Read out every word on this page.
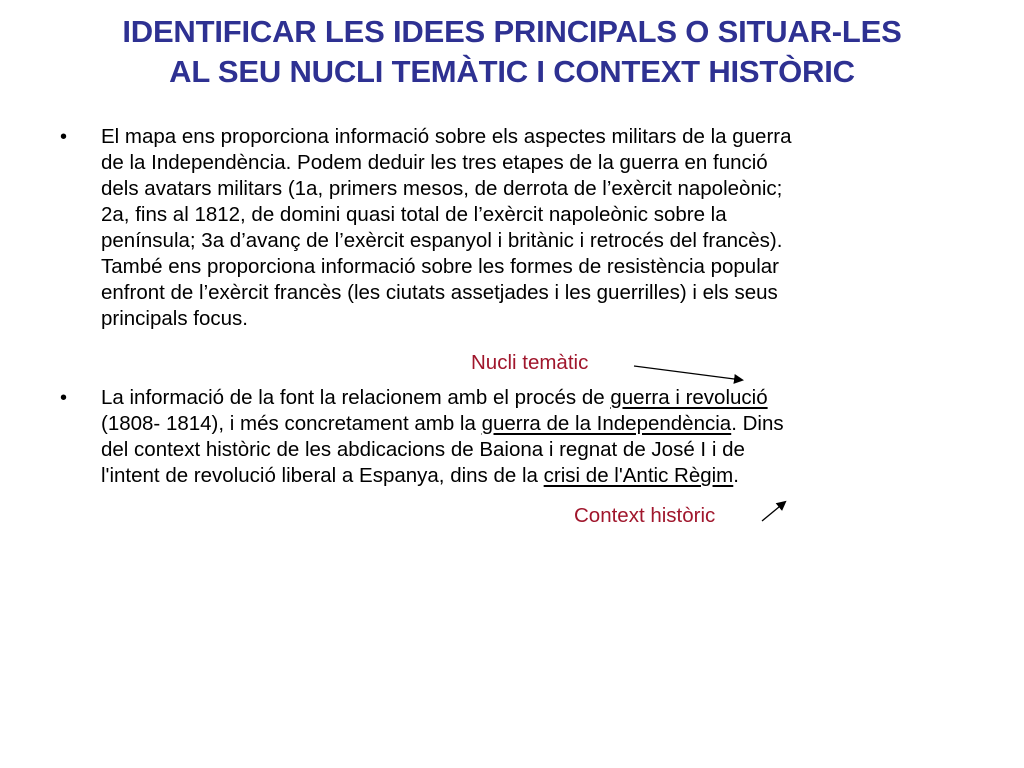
IDENTIFICAR LES IDEES PRINCIPALS O SITUAR-LES
AL SEU NUCLI TEMÀTIC I CONTEXT HISTÒRIC
• El mapa ens proporciona informació sobre els aspectes militars de la guerra
de la Independència. Podem deduir les tres etapes de la guerra en funció
dels avatars militars (1a, primers mesos, de derrota de l’exèrcit napoleònic;
2a, fins al 1812, de domini quasi total de l’exèrcit napoleònic sobre la
península; 3a d’avanç de l’exèrcit espanyol i britànic i retrocés del francès).
També ens proporciona informació sobre les formes de resistència popular
enfront de l’exèrcit francès (les ciutats assetjades i les guerrilles) i els seus
principals focus.
Nucli temàtic
• La informació de la font la relacionem amb el procés de guerra i revolució
(1808- 1814), i més concretament amb la guerra de la Independència. Dins
del context històric de les abdicacions de Baiona i regnat de José I i de
l'intent de revolució liberal a Espanya, dins de la crisi de l'Antic Règim.
Context històric
